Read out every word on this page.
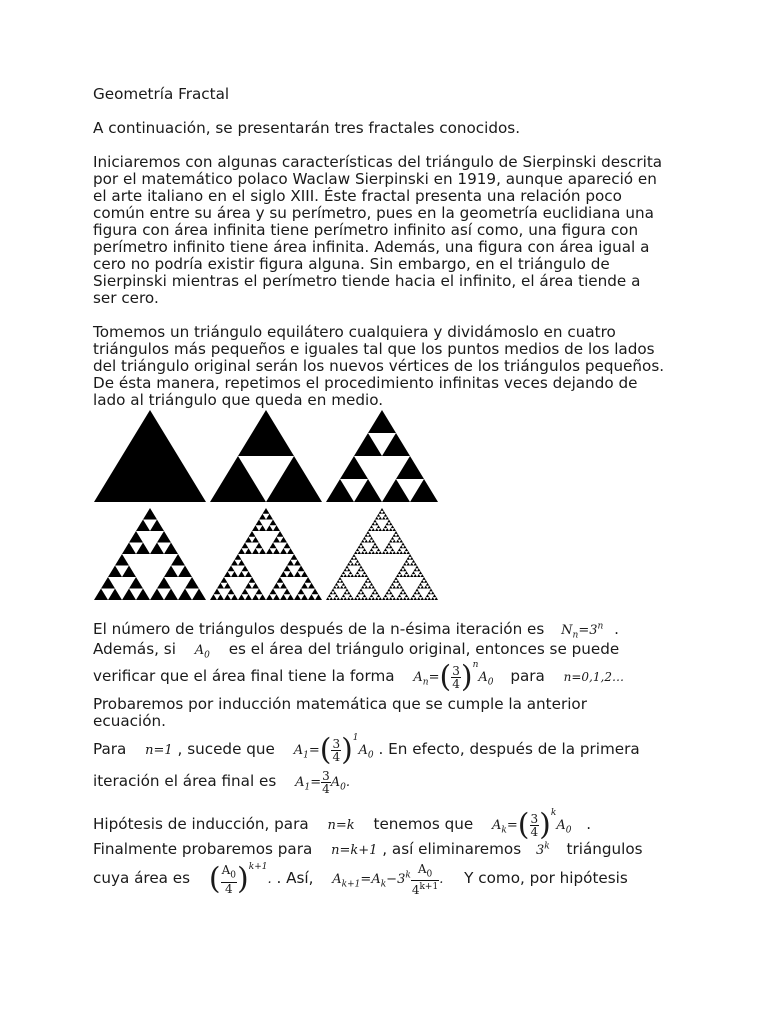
Geometría Fractal

A continuación, se presentarán tres fractales conocidos.

Iniciaremos con algunas características del triángulo de Sierpinski descrita
por el matemático polaco Waclaw Sierpinski en 1919, aunque apareció en
el arte italiano en el siglo XIII. Éste fractal presenta una relación poco
común entre su área y su perímetro, pues en la geometría euclidiana una
figura con área infinita tiene perímetro infinito así como, una figura con
perímetro infinito tiene área infinita. Además, una figura con área igual a
cero no podría existir figura alguna. Sin embargo, en el triángulo de
Sierpinski mientras el perímetro tiende hacia el infinito, el área tiende a
ser cero.
Tomemos un triángulo equilátero cualquiera y dividámoslo en cuatro
triángulos más pequeños e iguales tal que los puntos medios de los lados
del triángulo original serán los nuevos vértices de los triángulos pequeños.
De ésta manera, repetimos el procedimiento infinitas veces dejando de
lado al triángulo que queda en medio.
El número de triángulos después de la n-ésima iteración es $N_n=3^n$ .
Además, si $A_0$ es el área del triángulo original, entonces se puede
verificar que el área final tiene la forma $A_n=( \frac{3}{4} )^nA_0$ para n=0,1,2…
Probaremos por inducción matemática que se cumple la anterior
ecuación.
Para n=1 , sucede que $A_1=( \frac{3}{4} )^1A_0$ . En efecto, después de la primera
iteración el área final es $A_1= \frac{3}{4} A_0$.
Hipótesis de inducción, para n=k tenemos que $A_k=( \frac{3}{4} )^kA_0$ .
Finalmente probaremos para n=k+1 , así eliminaremos 3$^k$ triángulos
cuya área es ( $\frac{A_0}{4} )^{k+1}$. . Así, $A_{k+1}=A_k-3^k \frac{A_0}{4^{k+1}}$ . Y como, por hipótesis
